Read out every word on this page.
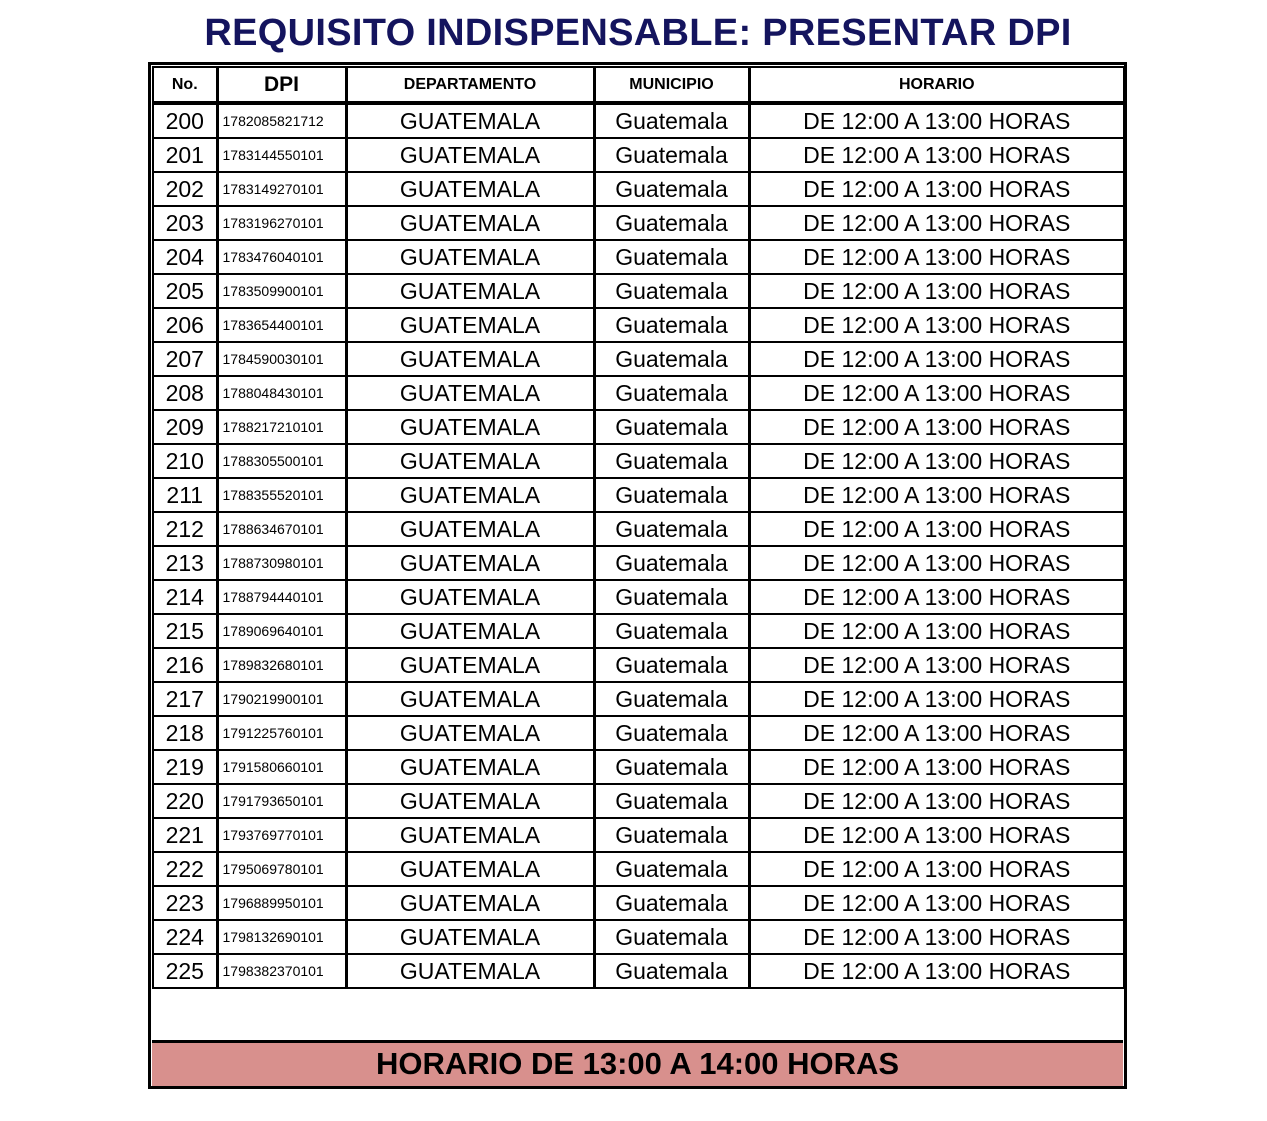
REQUISITO INDISPENSABLE: PRESENTAR DPI
No.	DPI	DEPARTAMENTO	MUNICIPIO	HORARIO
200	1782085821712	GUATEMALA	Guatemala	DE 12:00 A 13:00 HORAS
201	1783144550101	GUATEMALA	Guatemala	DE 12:00 A 13:00 HORAS
202	1783149270101	GUATEMALA	Guatemala	DE 12:00 A 13:00 HORAS
203	1783196270101	GUATEMALA	Guatemala	DE 12:00 A 13:00 HORAS
204	1783476040101	GUATEMALA	Guatemala	DE 12:00 A 13:00 HORAS
205	1783509900101	GUATEMALA	Guatemala	DE 12:00 A 13:00 HORAS
206	1783654400101	GUATEMALA	Guatemala	DE 12:00 A 13:00 HORAS
207	1784590030101	GUATEMALA	Guatemala	DE 12:00 A 13:00 HORAS
208	1788048430101	GUATEMALA	Guatemala	DE 12:00 A 13:00 HORAS
209	1788217210101	GUATEMALA	Guatemala	DE 12:00 A 13:00 HORAS
210	1788305500101	GUATEMALA	Guatemala	DE 12:00 A 13:00 HORAS
211	1788355520101	GUATEMALA	Guatemala	DE 12:00 A 13:00 HORAS
212	1788634670101	GUATEMALA	Guatemala	DE 12:00 A 13:00 HORAS
213	1788730980101	GUATEMALA	Guatemala	DE 12:00 A 13:00 HORAS
214	1788794440101	GUATEMALA	Guatemala	DE 12:00 A 13:00 HORAS
215	1789069640101	GUATEMALA	Guatemala	DE 12:00 A 13:00 HORAS
216	1789832680101	GUATEMALA	Guatemala	DE 12:00 A 13:00 HORAS
217	1790219900101	GUATEMALA	Guatemala	DE 12:00 A 13:00 HORAS
218	1791225760101	GUATEMALA	Guatemala	DE 12:00 A 13:00 HORAS
219	1791580660101	GUATEMALA	Guatemala	DE 12:00 A 13:00 HORAS
220	1791793650101	GUATEMALA	Guatemala	DE 12:00 A 13:00 HORAS
221	1793769770101	GUATEMALA	Guatemala	DE 12:00 A 13:00 HORAS
222	1795069780101	GUATEMALA	Guatemala	DE 12:00 A 13:00 HORAS
223	1796889950101	GUATEMALA	Guatemala	DE 12:00 A 13:00 HORAS
224	1798132690101	GUATEMALA	Guatemala	DE 12:00 A 13:00 HORAS
225	1798382370101	GUATEMALA	Guatemala	DE 12:00 A 13:00 HORAS
HORARIO DE 13:00 A 14:00 HORAS
